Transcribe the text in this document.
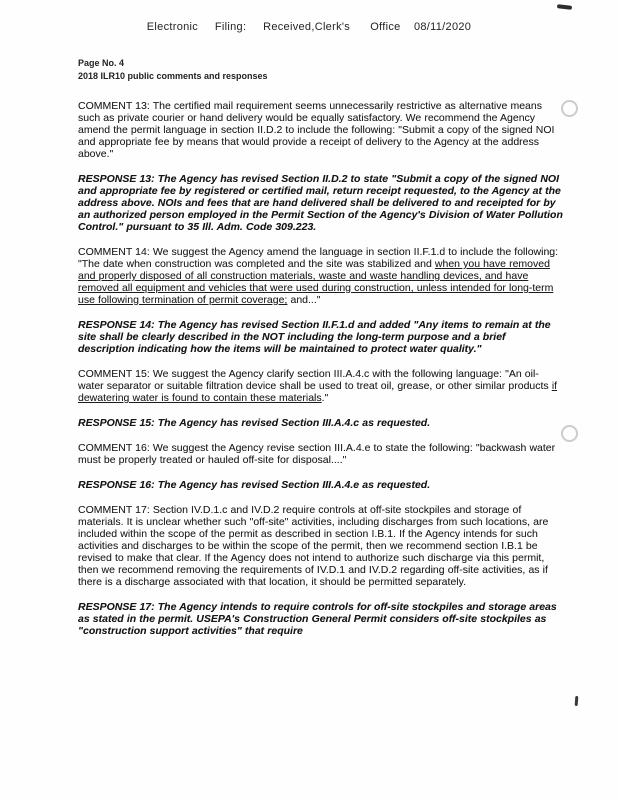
Electronic     Filing:     Received,Clerk's      Office    08/11/2020
Page No. 4
2018 ILR10 public comments and responses
COMMENT 13: The certified mail requirement seems unnecessarily restrictive as alternative means such as private courier or hand delivery would be equally satisfactory. We recommend the Agency amend the permit language in section II.D.2 to include the following: "Submit a copy of the signed NOI and appropriate fee by means that would provide a receipt of delivery to the Agency at the address above."
RESPONSE 13: The Agency has revised Section II.D.2 to state "Submit a copy of the signed NOI and appropriate fee by registered or certified mail, return receipt requested, to the Agency at the address above. NOIs and fees that are hand delivered shall be delivered to and receipted for by an authorized person employed in the Permit Section of the Agency's Division of Water Pollution Control." pursuant to 35 Ill. Adm. Code 309.223.
COMMENT 14: We suggest the Agency amend the language in section II.F.1.d to include the following: "The date when construction was completed and the site was stabilized and when you have removed and properly disposed of all construction materials, waste and waste handling devices, and have removed all equipment and vehicles that were used during construction, unless intended for long-term use following termination of permit coverage; and..."
RESPONSE 14: The Agency has revised Section II.F.1.d and added "Any items to remain at the site shall be clearly described in the NOT including the long-term purpose and a brief description indicating how the items will be maintained to protect water quality."
COMMENT 15: We suggest the Agency clarify section III.A.4.c with the following language: "An oil-water separator or suitable filtration device shall be used to treat oil, grease, or other similar products if dewatering water is found to contain these materials."
RESPONSE 15: The Agency has revised Section III.A.4.c as requested.
COMMENT 16: We suggest the Agency revise section III.A.4.e to state the following: "backwash water must be properly treated or hauled off-site for disposal...."
RESPONSE 16: The Agency has revised Section III.A.4.e as requested.
COMMENT 17: Section IV.D.1.c and IV.D.2 require controls at off-site stockpiles and storage of materials. It is unclear whether such "off-site" activities, including discharges from such locations, are included within the scope of the permit as described in section I.B.1. If the Agency intends for such activities and discharges to be within the scope of the permit, then we recommend section I.B.1 be revised to make that clear. If the Agency does not intend to authorize such discharge via this permit, then we recommend removing the requirements of IV.D.1 and IV.D.2 regarding off-site activities, as if there is a discharge associated with that location, it should be permitted separately.
RESPONSE 17: The Agency intends to require controls for off-site stockpiles and storage areas as stated in the permit. USEPA's Construction General Permit considers off-site stockpiles as "construction support activities" that require
